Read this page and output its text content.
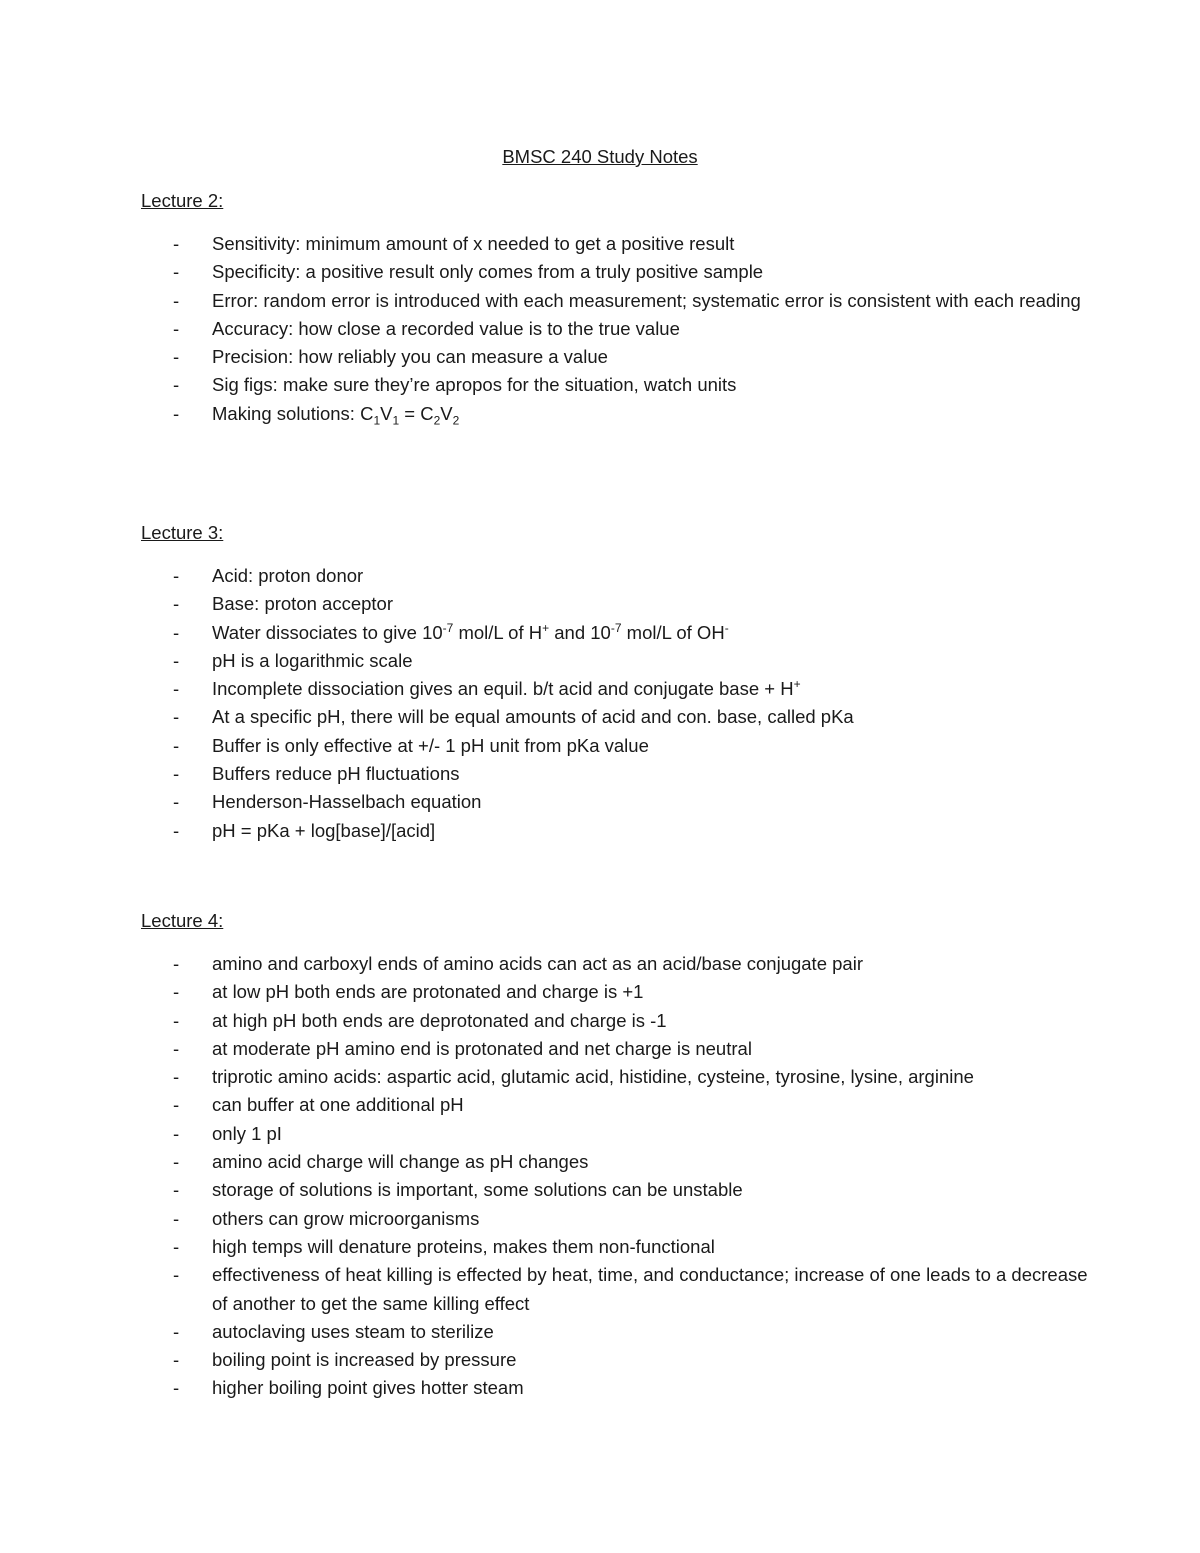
BMSC 240 Study Notes
Lecture 2:
- Sensitivity: minimum amount of x needed to get a positive result
- Specificity: a positive result only comes from a truly positive sample
- Error: random error is introduced with each measurement; systematic error is consistent with each reading
- Accuracy: how close a recorded value is to the true value
- Precision: how reliably you can measure a value
- Sig figs: make sure they’re apropos for the situation, watch units
- Making solutions: $C_1V_1 = C_2V_2$
Lecture 3:
- Acid: proton donor
- Base: proton acceptor
- Water dissociates to give $10^{-7}$ mol/L of H+ and $10^{-7}$ mol/L of OH-
- pH is a logarithmic scale
- Incomplete dissociation gives an equil. b/t acid and conjugate base + H+
- At a specific pH, there will be equal amounts of acid and con. base, called pKa
- Buffer is only effective at +/- 1 pH unit from pKa value
- Buffers reduce pH fluctuations
- Henderson-Hasselbach equation
- pH = pKa + log[base]/[acid]
Lecture 4:
- amino and carboxyl ends of amino acids can act as an acid/base conjugate pair
- at low pH both ends are protonated and charge is +1
- at high pH both ends are deprotonated and charge is -1
- at moderate pH amino end is protonated and net charge is neutral
- triprotic amino acids: aspartic acid, glutamic acid, histidine, cysteine, tyrosine, lysine, arginine
- can buffer at one additional pH
- only 1 pI
- amino acid charge will change as pH changes
- storage of solutions is important, some solutions can be unstable
- others can grow microorganisms
- high temps will denature proteins, makes them non-functional
- effectiveness of heat killing is effected by heat, time, and conductance; increase of one leads to a decrease of another to get the same killing effect
- autoclaving uses steam to sterilize
- boiling point is increased by pressure
- higher boiling point gives hotter steam
